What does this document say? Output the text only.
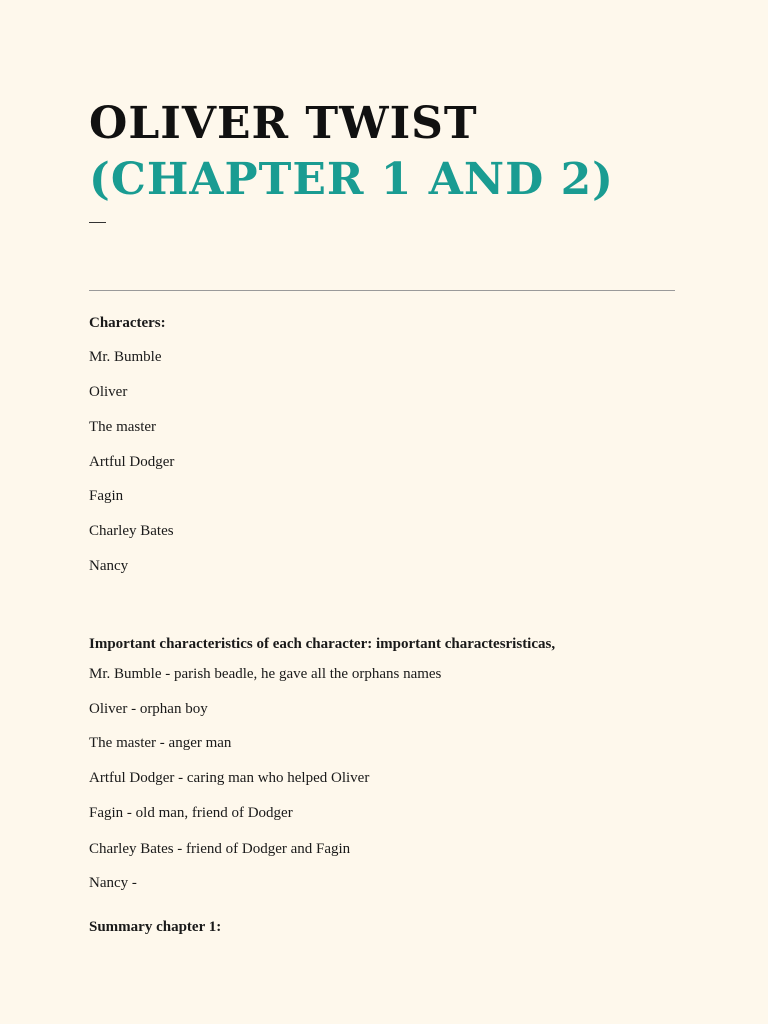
OLIVER TWIST
(CHAPTER 1 AND 2)

Characters:

Mr. Bumble

Oliver

The master

Artful Dodger

Fagin

Charley Bates

Nancy

Important characteristics of each character: important charactesristicas,

Mr. Bumble - parish beadle, he gave all the orphans names

Oliver - orphan boy

The master - anger man

Artful Dodger - caring man who helped Oliver

Fagin - old man, friend of Dodger

Charley Bates - friend of Dodger and Fagin

Nancy -

Summary chapter 1:
